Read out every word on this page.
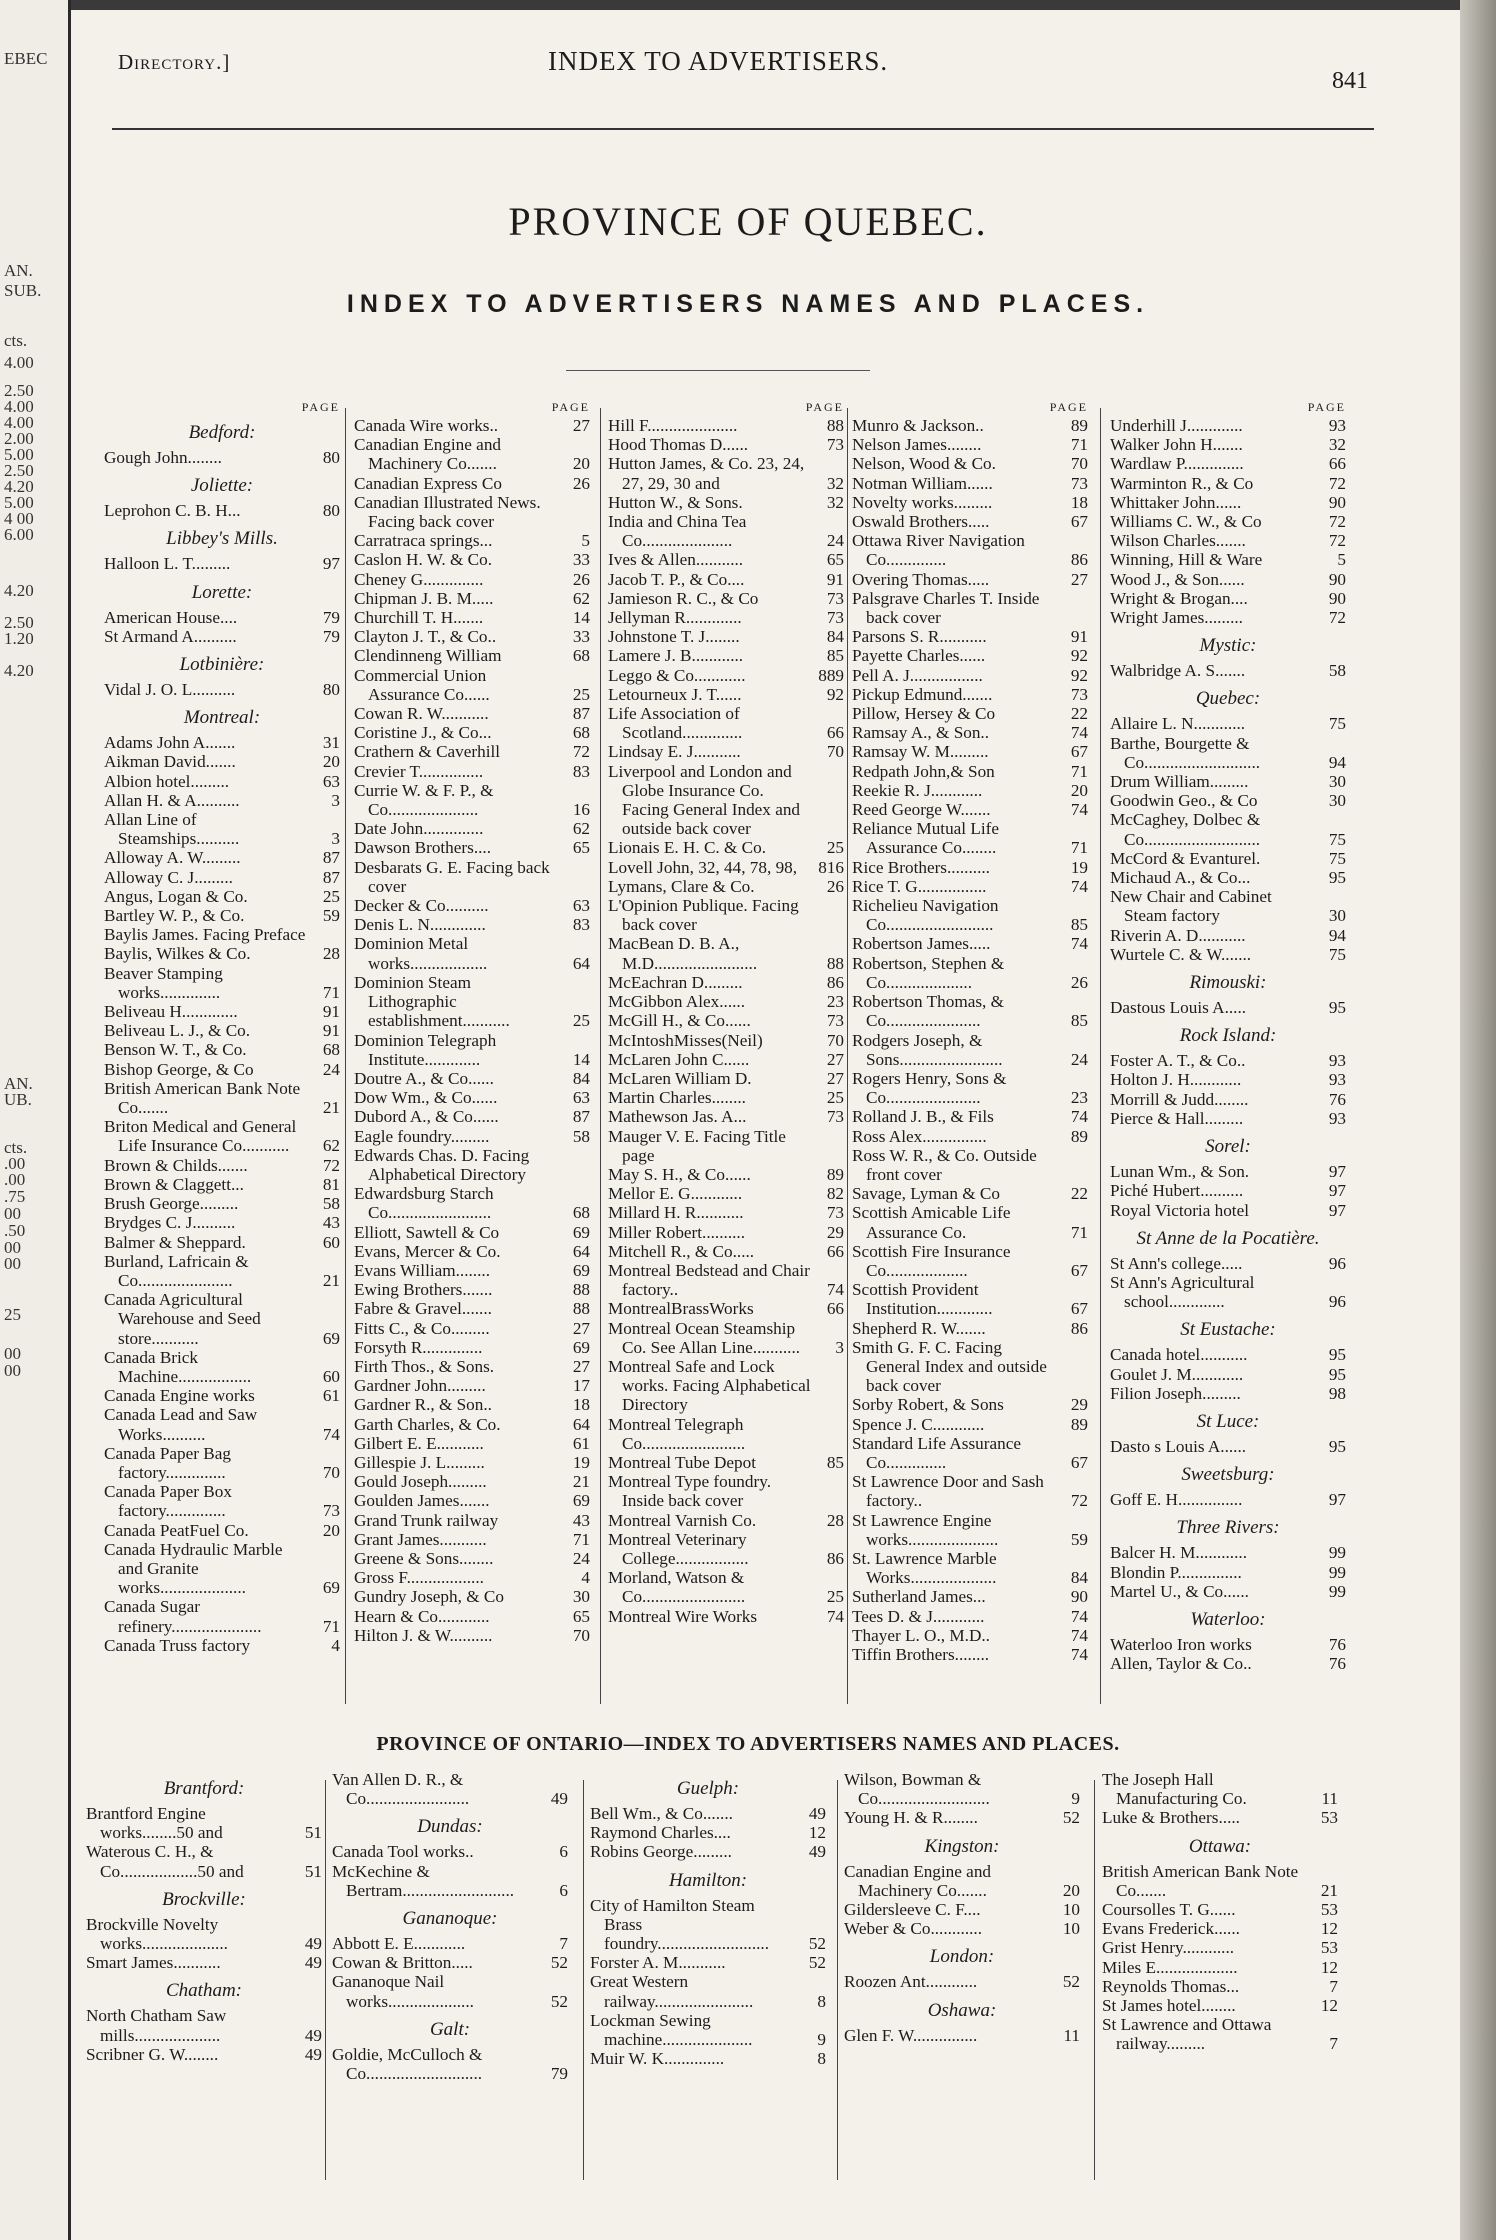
EBEC
AN.
SUB.
cts.
4.00
2.50
4.00
4.00
2.00
5.00
2.50
4.20
5.00
4 00
6.00
4.20
2.50
1.20
4.20
AN.
UB.
cts.
.00
.00
.75
00
.50
00
00
25
00
00
Directory.]	INDEX TO ADVERTISERS.
841
PROVINCE OF QUEBEC.
INDEX TO ADVERTISERS NAMES AND PLACES.
PAGE
Bedford:
Gough John........	80
Joliette:
Leprohon C. B. H...	80
Libbey's Mills.
Halloon L. T.........	97
Lorette:
American House....	79
St Armand A..........	79
Lotbinière:
Vidal J. O. L..........	80
Montreal:
Adams John A.......	31
Aikman David.......	20
Albion hotel.........	63
Allan H. & A..........	3
Allan Line of Steamships..........	3
Alloway A. W.........	87
Alloway C. J.........	87
Angus, Logan & Co.	25
Bartley W. P., & Co.	59
Baylis James. Facing Preface
Baylis, Wilkes & Co.	28
Beaver Stamping works..............	71
Beliveau H.............	91
Beliveau L. J., & Co.	91
Benson W. T., & Co.	68
Bishop George, & Co	24
British American Bank Note Co.......	21
Briton Medical and General Life Insurance Co...........	62
Brown & Childs.......	72
Brown & Claggett...	81
Brush George.........	58
Brydges C. J..........	43
Balmer & Sheppard.	60
Burland, Lafricain & Co......................	21
Canada Agricultural Warehouse and Seed store...........	69
Canada Brick Machine.................	60
Canada Engine works	61
Canada Lead and Saw Works..........	74
Canada Paper Bag factory..............	70
Canada Paper Box factory..............	73
Canada PeatFuel Co.	20
Canada Hydraulic Marble and Granite works....................	69
Canada Sugar refinery.....................	71
Canada Truss factory	4
PAGE
Canada Wire works..	27
Canadian Engine and Machinery Co.......	20
Canadian Express Co	26
Canadian Illustrated News. Facing back cover
Carratraca springs...	5
Caslon H. W. & Co.	33
Cheney G..............	26
Chipman J. B. M.....	62
Churchill T. H.......	14
Clayton J. T., & Co..	33
Clendinneng William	68
Commercial Union Assurance Co......	25
Cowan R. W...........	87
Coristine J., & Co...	68
Crathern & Caverhill	72
Crevier T...............	83
Currie W. & F. P., & Co.....................	16
Date John..............	62
Dawson Brothers....	65
Desbarats G. E. Facing back cover
Decker & Co..........	63
Denis L. N.............	83
Dominion Metal works..................	64
Dominion Steam Lithographic establishment...........	25
Dominion Telegraph Institute.............	14
Doutre A., & Co......	84
Dow Wm., & Co......	63
Dubord A., & Co......	87
Eagle foundry.........	58
Edwards Chas. D. Facing Alphabetical Directory
Edwardsburg Starch Co........................	68
Elliott, Sawtell & Co	69
Evans, Mercer & Co.	64
Evans William........	69
Ewing Brothers.......	88
Fabre & Gravel.......	88
Fitts C., & Co.........	27
Forsyth R..............	69
Firth Thos., & Sons.	27
Gardner John.........	17
Gardner R., & Son..	18
Garth Charles, & Co.	64
Gilbert E. E...........	61
Gillespie J. L.........	19
Gould Joseph.........	21
Goulden James.......	69
Grand Trunk railway	43
Grant James...........	71
Greene & Sons........	24
Gross F..................	4
Gundry Joseph, & Co	30
Hearn & Co............	65
Hilton J. & W..........	70
PAGE
Hill F.....................	88
Hood Thomas D......	73
Hutton James, & Co. 23, 24, 27, 29, 30 and	32
Hutton W., & Sons.	32
India and China Tea Co.....................	24
Ives & Allen...........	65
Jacob T. P., & Co....	91
Jamieson R. C., & Co	73
Jellyman R.............	73
Johnstone T. J........	84
Lamere J. B............	85
Leggo & Co............	889
Letourneux J. T......	92
Life Association of Scotland..............	66
Lindsay E. J...........	70
Liverpool and London and Globe Insurance Co. Facing General Index and outside back cover
Lionais E. H. C. & Co.	25
Lovell John, 32, 44, 78, 98,	816
Lymans, Clare & Co.	26
L'Opinion Publique. Facing back cover
MacBean D. B. A., M.D........................	88
McEachran D.........	86
McGibbon Alex......	23
McGill H., & Co......	73
McIntoshMisses(Neil)	70
McLaren John C......	27
McLaren William D.	27
Martin Charles........	25
Mathewson Jas. A...	73
Mauger V. E. Facing Title page
May S. H., & Co......	89
Mellor E. G............	82
Millard H. R...........	73
Miller Robert..........	29
Mitchell R., & Co.....	66
Montreal Bedstead and Chair factory..	74
MontrealBrassWorks	66
Montreal Ocean Steamship Co. See Allan Line...........	3
Montreal Safe and Lock works. Facing Alphabetical Directory
Montreal Telegraph Co........................
Montreal Tube Depot	85
Montreal Type foundry. Inside back cover
Montreal Varnish Co.	28
Montreal Veterinary College.................	86
Morland, Watson & Co........................	25
Montreal Wire Works	74
PAGE
Munro & Jackson..	89
Nelson James........	71
Nelson, Wood & Co.	70
Notman William......	73
Novelty works.........	18
Oswald Brothers.....	67
Ottawa River Navigation Co..............	86
Overing Thomas.....	27
Palsgrave Charles T. Inside back cover
Parsons S. R...........	91
Payette Charles......	92
Pell A. J.................	92
Pickup Edmund.......	73
Pillow, Hersey & Co	22
Ramsay A., & Son..	74
Ramsay W. M.........	67
Redpath John,& Son	71
Reekie R. J............	20
Reed George W.......	74
Reliance Mutual Life Assurance Co........	71
Rice Brothers..........	19
Rice T. G................	74
Richelieu Navigation Co.........................	85
Robertson James.....	74
Robertson, Stephen & Co....................	26
Robertson Thomas, & Co......................	85
Rodgers Joseph, & Sons........................	24
Rogers Henry, Sons & Co......................	23
Rolland J. B., & Fils	74
Ross Alex...............	89
Ross W. R., & Co. Outside front cover
Savage, Lyman & Co	22
Scottish Amicable Life Assurance Co.	71
Scottish Fire Insurance Co...................	67
Scottish Provident Institution.............	67
Shepherd R. W.......	86
Smith G. F. C. Facing General Index and outside back cover
Sorby Robert, & Sons	29
Spence J. C............	89
Standard Life Assurance Co..............	67
St Lawrence Door and Sash factory..	72
St Lawrence Engine works.....................	59
St. Lawrence Marble Works....................	84
Sutherland James...	90
Tees D. & J............	74
Thayer L. O., M.D..	74
Tiffin Brothers........	74
PAGE
Underhill J.............	93
Walker John H.......	32
Wardlaw P..............	66
Warminton R., & Co	72
Whittaker John......	90
Williams C. W., & Co	72
Wilson Charles.......	72
Winning, Hill & Ware	5
Wood J., & Son......	90
Wright & Brogan....	90
Wright James.........	72
Mystic:
Walbridge A. S.......	58
Quebec:
Allaire L. N............	75
Barthe, Bourgette & Co...........................	94
Drum William.........	30
Goodwin Geo., & Co	30
McCaghey, Dolbec & Co...........................	75
McCord & Evanturel.	75
Michaud A., & Co...	95
New Chair and Cabinet Steam factory	30
Riverin A. D...........	94
Wurtele C. & W.......	75
Rimouski:
Dastous Louis A.....	95
Rock Island:
Foster A. T., & Co..	93
Holton J. H............	93
Morrill & Judd........	76
Pierce & Hall.........	93
Sorel:
Lunan Wm., & Son.	97
Piché Hubert..........	97
Royal Victoria hotel	97
St Anne de la Pocatière.
St Ann's college.....	96
St Ann's Agricultural school.............	96
St Eustache:
Canada hotel...........	95
Goulet J. M............	95
Filion Joseph.........	98
St Luce:
Dasto s Louis A......	95
Sweetsburg:
Goff E. H...............	97
Three Rivers:
Balcer H. M............	99
Blondin P...............	99
Martel U., & Co......	99
Waterloo:
Waterloo Iron works	76
Allen, Taylor & Co..	76
PROVINCE OF ONTARIO—INDEX TO ADVERTISERS NAMES AND PLACES.
Brantford:
Brantford Engine works........50 and	51
Waterous C. H., & Co..................50 and	51
Brockville:
Brockville Novelty works....................	49
Smart James...........	49
Chatham:
North Chatham Saw mills....................	49
Scribner G. W........	49
Van Allen D. R., & Co........................	49
Dundas:
Canada Tool works..	6
McKechine & Bertram..........................	6
Gananoque:
Abbott E. E............	7
Cowan & Britton.....	52
Gananoque Nail works....................	52
Galt:
Goldie, McCulloch & Co...........................	79
Guelph:
Bell Wm., & Co.......	49
Raymond Charles....	12
Robins George.........	49
Hamilton:
City of Hamilton Steam Brass foundry..........................	52
Forster A. M...........	52
Great Western railway.......................	8
Lockman Sewing machine.....................	9
Muir W. K..............	8
Wilson, Bowman & Co..........................	9
Young H. & R........	52
Kingston:
Canadian Engine and Machinery Co.......	20
Gildersleeve C. F....	10
Weber & Co............	10
London:
Roozen Ant............	52
Oshawa:
Glen F. W...............	11
The Joseph Hall Manufacturing Co.	11
Luke & Brothers.....	53
Ottawa:
British American Bank Note Co.......	21
Coursolles T. G......	53
Evans Frederick......	12
Grist Henry............	53
Miles E...................	12
Reynolds Thomas...	7
St James hotel........	12
St Lawrence and Ottawa railway.........	7
